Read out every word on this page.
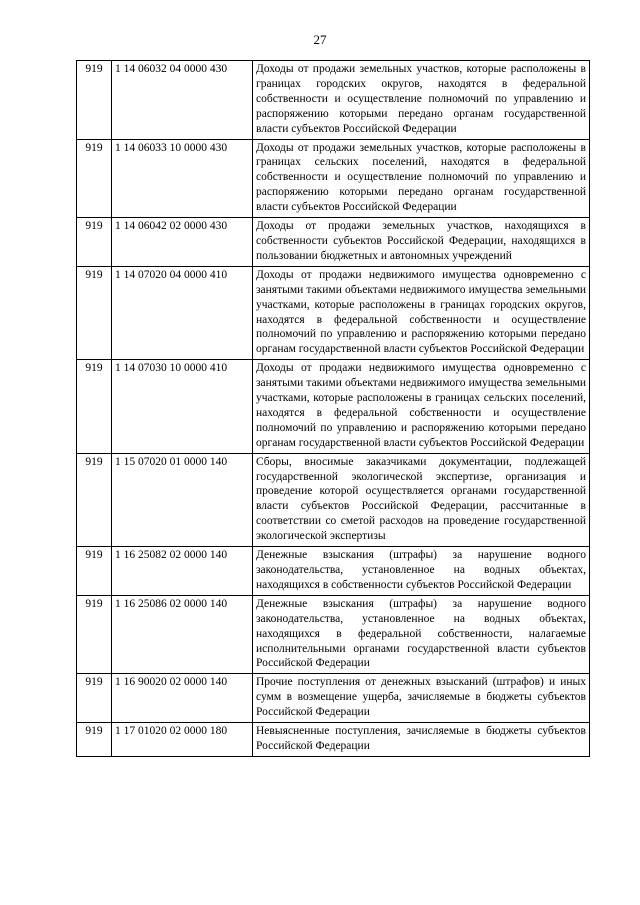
27
919	1 14 06032 04 0000 430	Доходы от продажи земельных участков, которые расположены в границах городских округов, находятся в федеральной собственности и осуществление полномочий по управлению и распоряжению которыми передано органам государственной власти субъектов Российской Федерации
919	1 14 06033 10 0000 430	Доходы от продажи земельных участков, которые расположены в границах сельских поселений, находятся в федеральной собственности и осуществление полномочий по управлению и распоряжению которыми передано органам государственной власти субъектов Российской Федерации
919	1 14 06042 02 0000 430	Доходы от продажи земельных участков, находящихся в собственности субъектов Российской Федерации, находящихся в пользовании бюджетных и автономных учреждений
919	1 14 07020 04 0000 410	Доходы от продажи недвижимого имущества одновременно с занятыми такими объектами недвижимого имущества земельными участками, которые расположены в границах городских округов, находятся в федеральной собственности и осуществление полномочий по управлению и распоряжению которыми передано органам государственной власти субъектов Российской Федерации
919	1 14 07030 10 0000 410	Доходы от продажи недвижимого имущества одновременно с занятыми такими объектами недвижимого имущества земельными участками, которые расположены в границах сельских поселений, находятся в федеральной собственности и осуществление полномочий по управлению и распоряжению которыми передано органам государственной власти субъектов Российской Федерации
919	1 15 07020 01 0000 140	Сборы, вносимые заказчиками документации, подлежащей государственной экологической экспертизе, организация и проведение которой осуществляется органами государственной власти субъектов Российской Федерации, рассчитанные в соответствии со сметой расходов на проведение государственной экологической экспертизы
919	1 16 25082 02 0000 140	Денежные взыскания (штрафы) за нарушение водного законодательства, установленное на водных объектах, находящихся в собственности субъектов Российской Федерации
919	1 16 25086 02 0000 140	Денежные взыскания (штрафы) за нарушение водного законодательства, установленное на водных объектах, находящихся в федеральной собственности, налагаемые исполнительными органами государственной власти субъектов Российской Федерации
919	1 16 90020 02 0000 140	Прочие поступления от денежных взысканий (штрафов) и иных сумм в возмещение ущерба, зачисляемые в бюджеты субъектов Российской Федерации
919	1 17 01020 02 0000 180	Невыясненные поступления, зачисляемые в бюджеты субъектов Российской Федерации
